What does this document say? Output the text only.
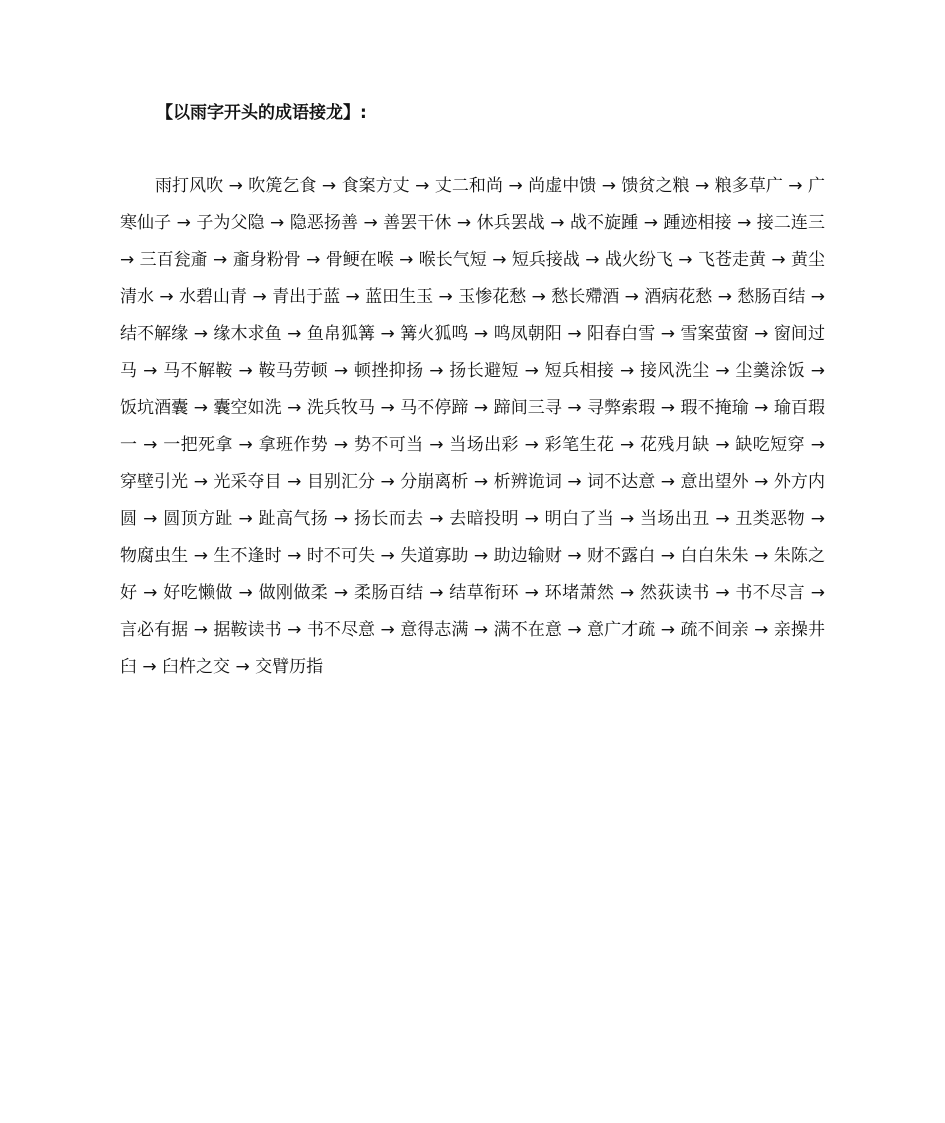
【以雨字开头的成语接龙】:
雨打风吹 → 吹箎乞食 → 食案方丈 → 丈二和尚 → 尚虚中馈 → 馈贫之粮 → 粮多草广 → 广寒仙子 → 子为父隐 → 隐恶扬善 → 善罢干休 → 休兵罢战 → 战不旋踵 → 踵迹相接 → 接二连三 → 三百瓮齑 → 齑身粉骨 → 骨鲠在喉 → 喉长气短 → 短兵接战 → 战火纷飞 → 飞苍走黄 → 黄尘清水 → 水碧山青 → 青出于蓝 → 蓝田生玉 → 玉惨花愁 → 愁长殢酒 → 酒病花愁 → 愁肠百结 → 结不解缘 → 缘木求鱼 → 鱼帛狐篝 → 篝火狐鸣 → 鸣凤朝阳 → 阳春白雪 → 雪案萤窗 → 窗间过马 → 马不解鞍 → 鞍马劳顿 → 顿挫抑扬 → 扬长避短 → 短兵相接 → 接风洗尘 → 尘羹涂饭 → 饭坑酒囊 → 囊空如洗 → 洗兵牧马 → 马不停蹄 → 蹄间三寻 → 寻弊索瑕 → 瑕不掩瑜 → 瑜百瑕一 → 一把死拿 → 拿班作势 → 势不可当 → 当场出彩 → 彩笔生花 → 花残月缺 → 缺吃短穿 → 穿壁引光 → 光采夺目 → 目别汇分 → 分崩离析 → 析辨诡词 → 词不达意 → 意出望外 → 外方内圆 → 圆顶方趾 → 趾高气扬 → 扬长而去 → 去暗投明 → 明白了当 → 当场出丑 → 丑类恶物 → 物腐虫生 → 生不逢时 → 时不可失 → 失道寡助 → 助边输财 → 财不露白 → 白白朱朱 → 朱陈之好 → 好吃懒做 → 做刚做柔 → 柔肠百结 → 结草衔环 → 环堵萧然 → 然荻读书 → 书不尽言 → 言必有据 → 据鞍读书 → 书不尽意 → 意得志满 → 满不在意 → 意广才疏 → 疏不间亲 → 亲操井臼 → 臼杵之交 → 交臂历指
